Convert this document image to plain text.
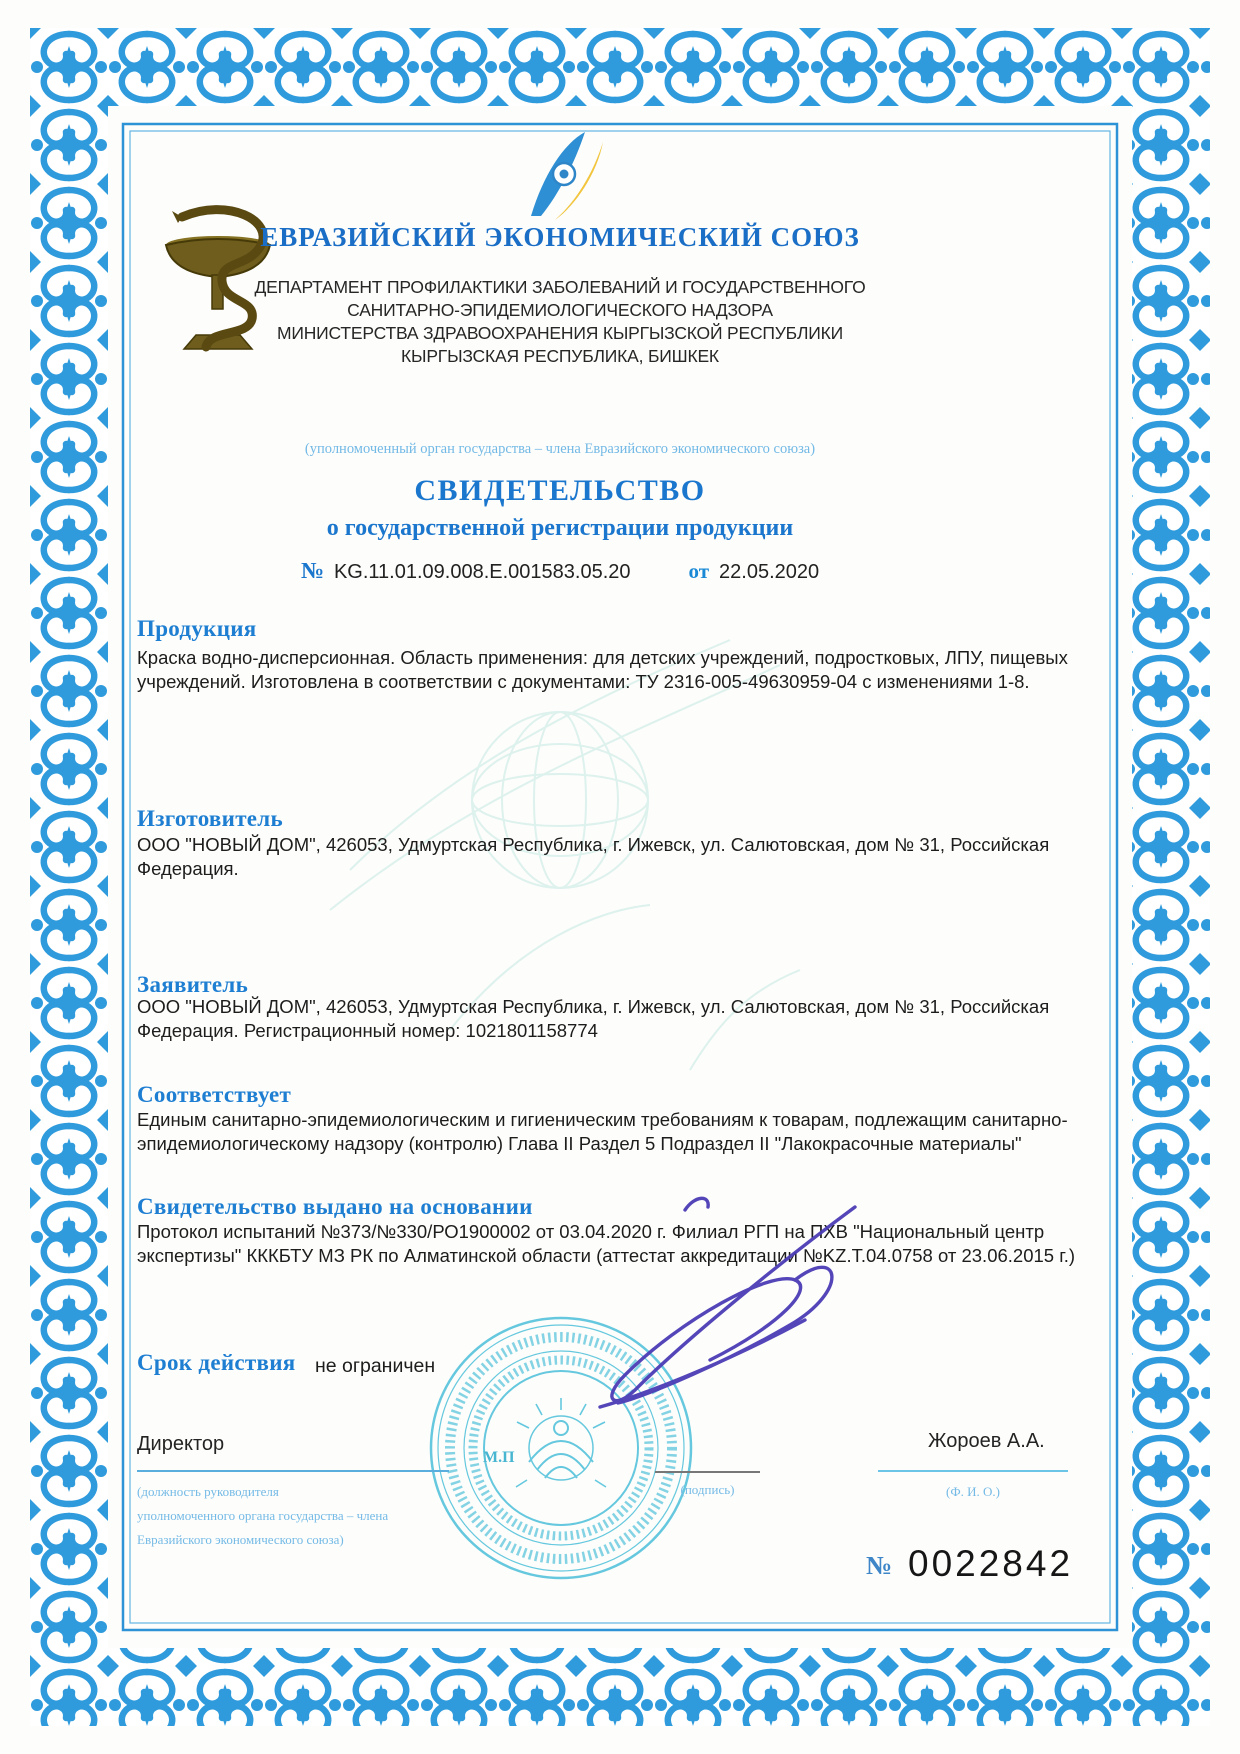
ЕВРАЗИЙСКИЙ ЭКОНОМИЧЕСКИЙ СОЮЗ
ДЕПАРТАМЕНТ ПРОФИЛАКТИКИ ЗАБОЛЕВАНИЙ И ГОСУДАРСТВЕННОГО
САНИТАРНО-ЭПИДЕМИОЛОГИЧЕСКОГО НАДЗОРА
МИНИСТЕРСТВА ЗДРАВООХРАНЕНИЯ КЫРГЫЗСКОЙ РЕСПУБЛИКИ
КЫРГЫЗСКАЯ РЕСПУБЛИКА, БИШКЕК
(уполномоченный орган государства – члена Евразийского экономического союза)
СВИДЕТЕЛЬСТВО
о государственной регистрации продукции
№ KG.11.01.09.008.E.001583.05.20	от 22.05.2020
Продукция
Краска водно-дисперсионная. Область применения: для детских учреждений, подростковых, ЛПУ, пищевых учреждений. Изготовлена в соответствии с документами: ТУ 2316-005-49630959-04 с изменениями 1-8.
Изготовитель
ООО "НОВЫЙ ДОМ", 426053, Удмуртская Республика, г. Ижевск, ул. Салютовская, дом № 31, Российская Федерация.
Заявитель
ООО "НОВЫЙ ДОМ", 426053, Удмуртская Республика, г. Ижевск, ул. Салютовская, дом № 31, Российская Федерация. Регистрационный номер: 1021801158774
Соответствует
Единым санитарно-эпидемиологическим и гигиеническим требованиям к товарам, подлежащим санитарно-эпидемиологическому надзору (контролю) Глава II Раздел 5 Подраздел II "Лакокрасочные материалы"
Свидетельство выдано на основании
Протокол испытаний №373/№330/РО1900002 от 03.04.2020 г. Филиал РГП на ПХВ "Национальный центр экспертизы" КККБТУ МЗ РК по Алматинской области (аттестат аккредитации №KZ.T.04.0758 от 23.06.2015 г.)
Срок действия не ограничен
М.П
Директор
(должность руководителя
уполномоченного органа государства – члена
Евразийского экономического союза)
(подпись)
Жороев А.А.
(Ф. И. О.)
№ 0022842
